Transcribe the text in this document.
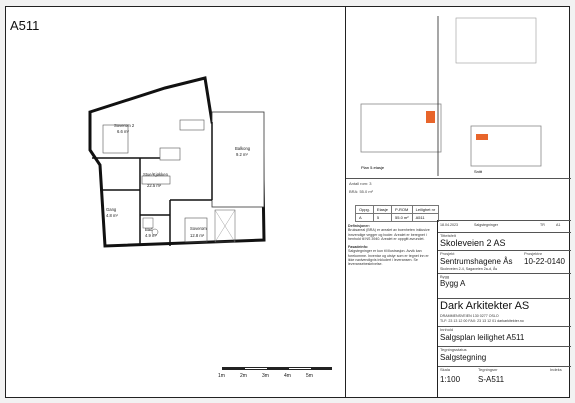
A511
Soverom 2
6.6 m²
Stue/Kjøkken
22.5 m²
Balkong
9.2 m²
Gang
4.8 m²
Bad
4.9 m²
Soverom
12.8 m²
1m	2m	3m	4m	5m
Plan 5.etasje
Snitt
Antall rom: 3
BRA: 55.0 m²
Oppg.	Etasje	P-ROM	Leilighet nr
A	5	55.0 m²	A511
Definisjoner:
Bruksareal (BRA) er arealet av boenheten inklusive innvendige vegger og boder. Arealet er beregnet i henhold til NS 3940. Arealet er oppgitt avrundet.
Fasadeinfo:
Salgstegninger er kun til illustrasjon. Avvik kan forekomme. Inventar og utstyr som er tegnet inn er ikke nødvendigvis inkludert i leveransen. Se leveransebeskrivelse.
18.04.2023	Salgstegninger	TR	A1
Tittelsfelt
Skoleveien 2 AS
Prosjekt
Sentrumshagene Ås
Prosjektnr
10-22-0140
Skoleveien 2-4, Sagaveien 2a-d, Ås
Bygg
Bygg A
Dark Arkitekter AS
DRAMMENSVEIEN 130 0277 OSLO
TLF: 23 13 12 00 FAX: 23 13 12 01 darkarkitekter.no
Innhold
Salgsplan leilighet A511
Tegningsstatus
Salgstegning
Skala
1:100
Tegningsnr
S-A511
Indeks
